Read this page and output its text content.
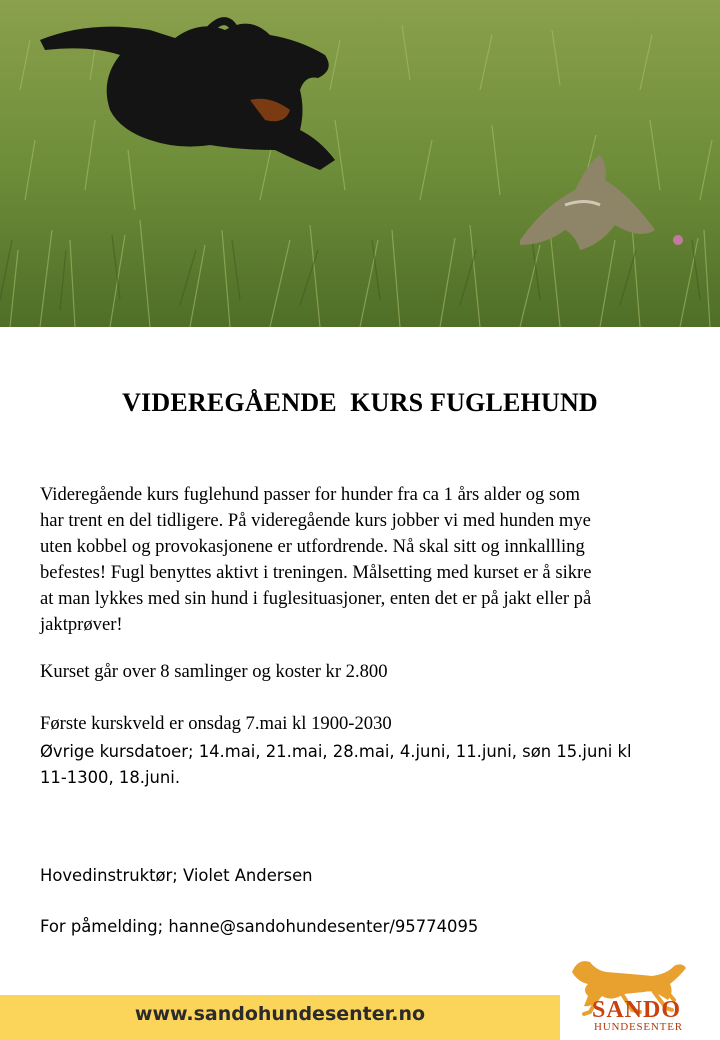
VIDEREGÅENDE  KURS FUGLEHUND
Videregående kurs fuglehund passer for hunder fra ca 1 års alder og som
har trent en del tidligere. På videregående kurs jobber vi med hunden mye
uten kobbel og provokasjonene er utfordrende. Nå skal sitt og innkallling
befestes! Fugl benyttes aktivt i treningen. Målsetting med kurset er å sikre
at man lykkes med sin hund i fuglesituasjoner, enten det er på jakt eller på
jaktprøver!
Kurset går over 8 samlinger og koster kr 2.800
Første kurskveld er onsdag 7.mai kl 1900-2030
Øvrige kursdatoer; 14.mai, 21.mai, 28.mai, 4.juni, 11.juni, søn 15.juni kl
11-1300, 18.juni.
Hovedinstruktør; Violet Andersen
For påmelding; hanne@sandohundesenter/95774095
www.sandohundesenter.no	SANDO
HUNDESENTER
